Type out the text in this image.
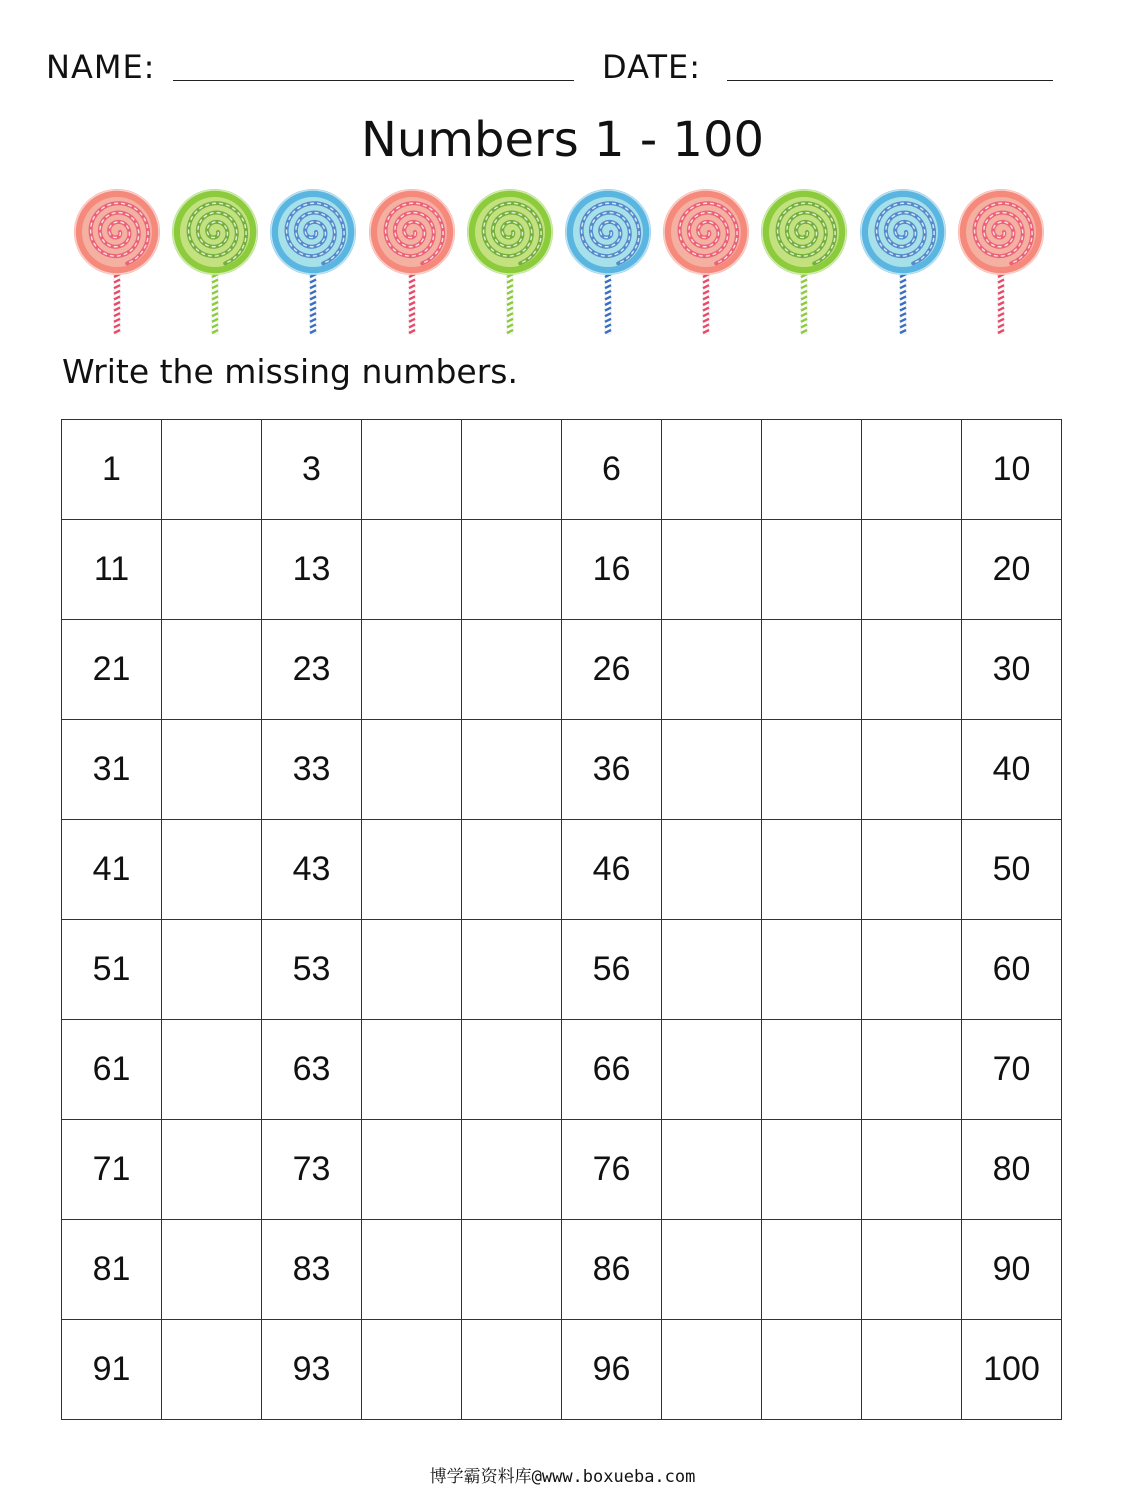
NAME:	DATE:
Numbers 1 - 100
Write the missing numbers.
1		3			6				10
11		13			16				20
21		23			26				30
31		33			36				40
41		43			46				50
51		53			56				60
61		63			66				70
71		73			76				80
81		83			86				90
91		93			96				100
博学霸资料库@www.boxueba.com
